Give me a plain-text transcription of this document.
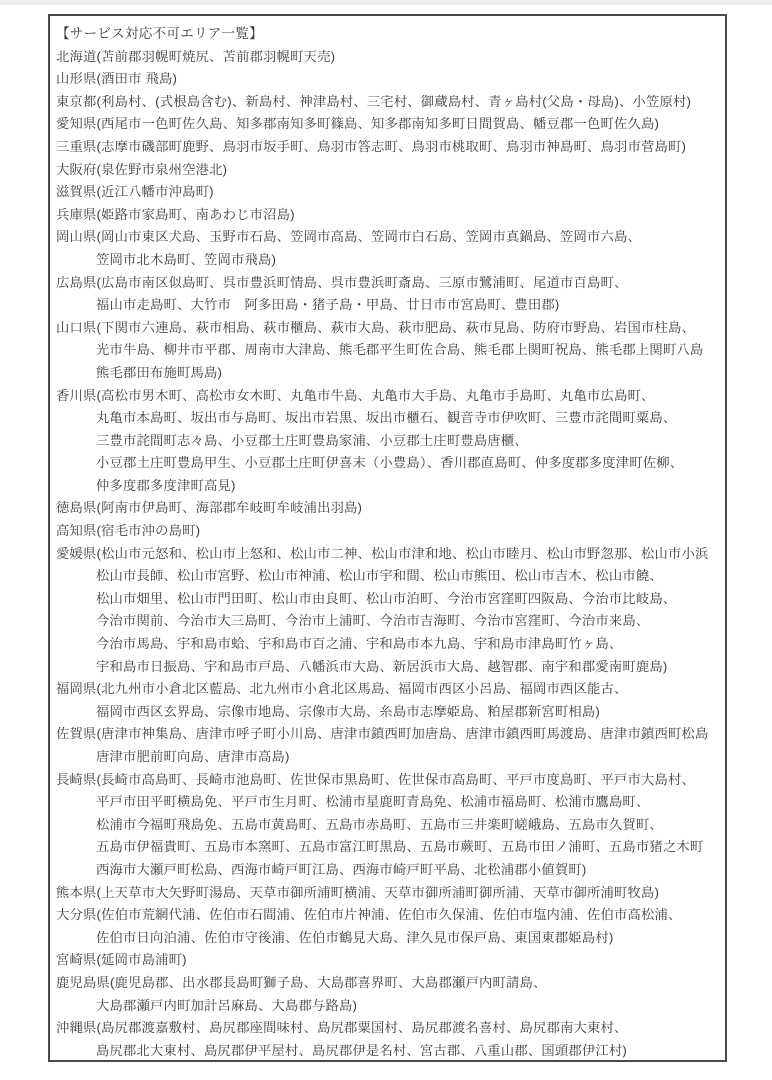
【サービス対応不可エリア一覧】
北海道(苫前郡羽幌町焼尻、苫前郡羽幌町天売)
山形県(酒田市 飛島)
東京都(利島村、(式根島含む)、新島村、神津島村、三宅村、御蔵島村、青ヶ島村(父島・母島)、小笠原村)
愛知県(西尾市一色町佐久島、知多郡南知多町篠島、知多郡南知多町日間賀島、幡豆郡一色町佐久島)
三重県(志摩市磯部町鹿野、鳥羽市坂手町、鳥羽市答志町、鳥羽市桃取町、鳥羽市神島町、鳥羽市菅島町)
大阪府(泉佐野市泉州空港北)
滋賀県(近江八幡市沖島町)
兵庫県(姫路市家島町、南あわじ市沼島)
岡山県(岡山市東区犬島、玉野市石島、笠岡市高島、笠岡市白石島、笠岡市真鍋島、笠岡市六島、
笠岡市北木島町、笠岡市飛島)
広島県(広島市南区似島町、呉市豊浜町情島、呉市豊浜町斎島、三原市鷺浦町、尾道市百島町、
福山市走島町、大竹市　阿多田島・猪子島・甲島、廿日市市宮島町、豊田郡)
山口県(下関市六連島、萩市相島、萩市櫃島、萩市大島、萩市肥島、萩市見島、防府市野島、岩国市柱島、
光市牛島、柳井市平郡、周南市大津島、熊毛郡平生町佐合島、熊毛郡上関町祝島、熊毛郡上関町八島
熊毛郡田布施町馬島)
香川県(高松市男木町、高松市女木町、丸亀市牛島、丸亀市大手島、丸亀市手島町、丸亀市広島町、
丸亀市本島町、坂出市与島町、坂出市岩黒、坂出市櫃石、観音寺市伊吹町、三豊市詫間町粟島、
三豊市詫間町志々島、小豆郡土庄町豊島家浦、小豆郡土庄町豊島唐櫃、
小豆郡土庄町豊島甲生、小豆郡土庄町伊喜末（小豊島）、香川郡直島町、仲多度郡多度津町佐柳、
仲多度郡多度津町高見)
徳島県(阿南市伊島町、海部郡牟岐町牟岐浦出羽島)
高知県(宿毛市沖の島町)
愛媛県(松山市元怒和、松山市上怒和、松山市二神、松山市津和地、松山市睦月、松山市野忽那、松山市小浜
松山市長師、松山市宮野、松山市神浦、松山市宇和間、松山市熊田、松山市吉木、松山市饒、
松山市畑里、松山市門田町、松山市由良町、松山市泊町、今治市宮窪町四阪島、今治市比岐島、
今治市関前、今治市大三島町、今治市上浦町、今治市吉海町、今治市宮窪町、今治市来島、
今治市馬島、宇和島市蛤、宇和島市百之浦、宇和島市本九島、宇和島市津島町竹ヶ島、
宇和島市日振島、宇和島市戸島、八幡浜市大島、新居浜市大島、越智郡、南宇和郡愛南町鹿島)
福岡県(北九州市小倉北区藍島、北九州市小倉北区馬島、福岡市西区小呂島、福岡市西区能古、
福岡市西区玄界島、宗像市地島、宗像市大島、糸島市志摩姫島、粕屋郡新宮町相島)
佐賀県(唐津市神集島、唐津市呼子町小川島、唐津市鎮西町加唐島、唐津市鎮西町馬渡島、唐津市鎮西町松島
唐津市肥前町向島、唐津市高島)
長崎県(長崎市高島町、長崎市池島町、佐世保市黒島町、佐世保市高島町、平戸市度島町、平戸市大島村、
平戸市田平町横島免、平戸市生月町、松浦市星鹿町青島免、松浦市福島町、松浦市鷹島町、
松浦市今福町飛島免、五島市黄島町、五島市赤島町、五島市三井楽町嵯峨島、五島市久賀町、
五島市伊福貴町、五島市本窯町、五島市富江町黒島、五島市蕨町、五島市田ノ浦町、五島市猪之木町
西海市大瀬戸町松島、西海市崎戸町江島、西海市崎戸町平島、北松浦郡小値賀町)
熊本県(上天草市大矢野町湯島、天草市御所浦町横浦、天草市御所浦町御所浦、天草市御所浦町牧島)
大分県(佐伯市荒網代浦、佐伯市石間浦、佐伯市片神浦、佐伯市久保浦、佐伯市塩内浦、佐伯市高松浦、
佐伯市日向泊浦、佐伯市守後浦、佐伯市鶴見大島、津久見市保戸島、東国東郡姫島村)
宮崎県(延岡市島浦町)
鹿児島県(鹿児島郡、出水郡長島町獅子島、大島郡喜界町、大島郡瀬戸内町請島、
大島郡瀬戸内町加計呂麻島、大島郡与路島)
沖縄県(島尻郡渡嘉敷村、島尻郡座間味村、島尻郡粟国村、島尻郡渡名喜村、島尻郡南大東村、
島尻郡北大東村、島尻郡伊平屋村、島尻郡伊是名村、宮古郡、八重山郡、国頭郡伊江村)
